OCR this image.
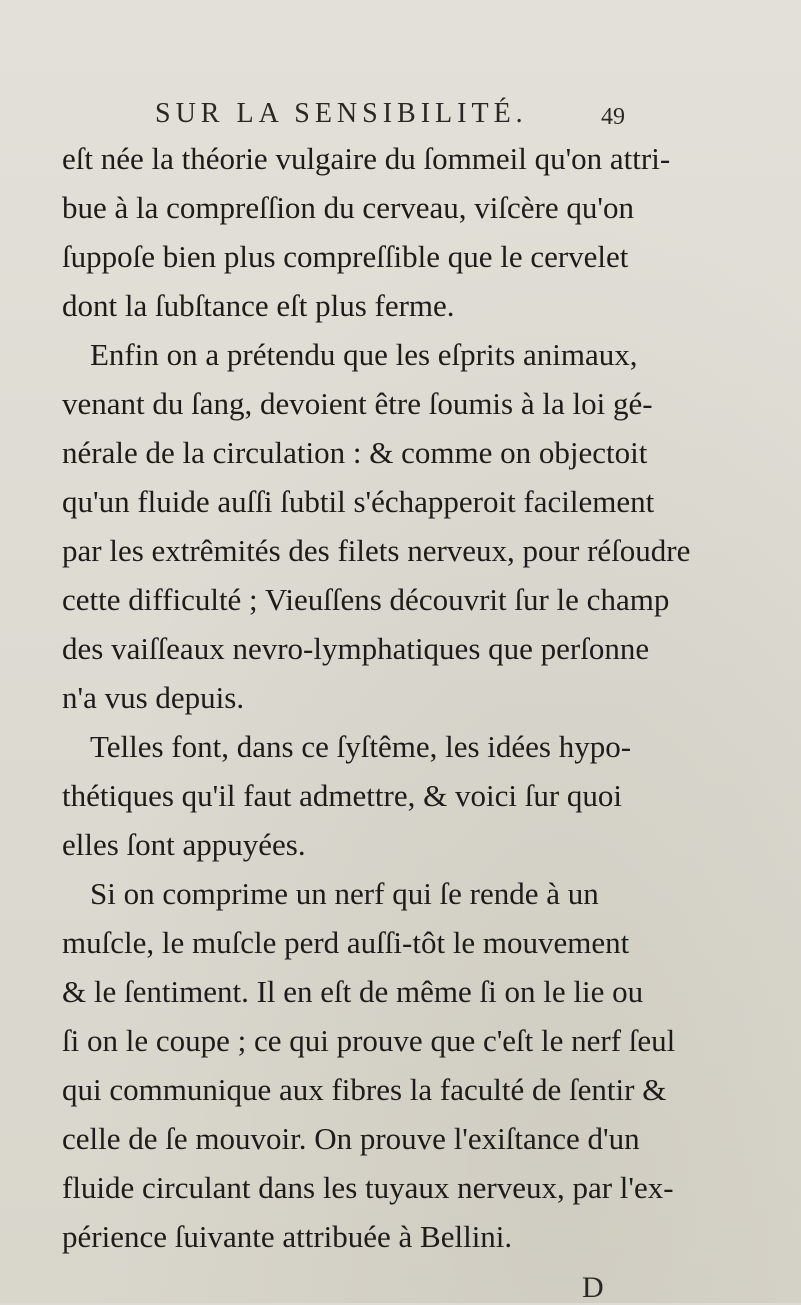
SUR LA SENSIBILITÉ.	49
eſt née la théorie vulgaire du ſommeil qu'on attri-
bue à la compreſſion du cerveau, viſcère qu'on
ſuppoſe bien plus compreſſible que le cervelet
dont la ſubſtance eſt plus ferme.
Enfin on a prétendu que les eſprits animaux,
venant du ſang, devoient être ſoumis à la loi gé-
nérale de la circulation : & comme on objectoit
qu'un fluide auſſi ſubtil s'échapperoit facilement
par les extrêmités des filets nerveux, pour réſoudre
cette difficulté ; Vieuſſens découvrit ſur le champ
des vaiſſeaux nevro-lymphatiques que perſonne
n'a vus depuis.
Telles font, dans ce ſyſtême, les idées hypo-
thétiques qu'il faut admettre, & voici ſur quoi
elles ſont appuyées.
Si on comprime un nerf qui ſe rende à un
muſcle, le muſcle perd auſſi-tôt le mouvement
& le ſentiment. Il en eſt de même ſi on le lie ou
ſi on le coupe ; ce qui prouve que c'eſt le nerf ſeul
qui communique aux fibres la faculté de ſentir &
celle de ſe mouvoir. On prouve l'exiſtance d'un
fluide circulant dans les tuyaux nerveux, par l'ex-
périence ſuivante attribuée à Bellini.
D
